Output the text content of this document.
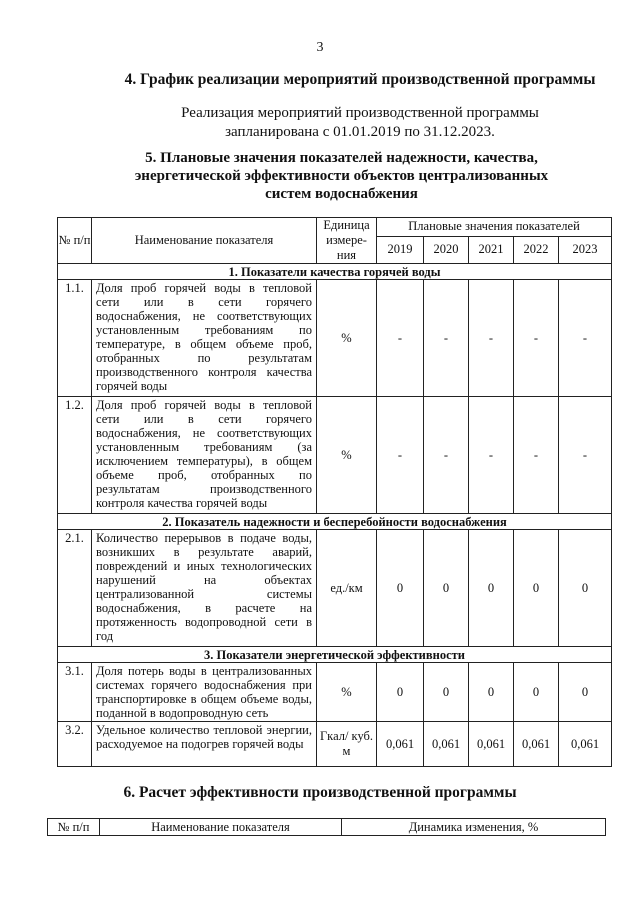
3
4. График реализации мероприятий производственной программы
Реализация мероприятий производственной программы
запланирована с 01.01.2019 по 31.12.2023.
5. Плановые значения показателей надежности, качества,
энергетической эффективности объектов централизованных
систем водоснабжения
№ п/п	Наименование показателя	Единица измере-ния	Плановые значения показателей				
			2019	2020	2021	2022	2023
1. Показатели качества горячей воды							
1.1.	Доля проб горячей воды в тепловой сети или в сети горячего водоснабжения, не соответствующих установленным требованиям по температуре, в общем объеме проб, отобранных по результатам производственного контроля качества горячей воды	%	-	-	-	-	-
1.2.	Доля проб горячей воды в тепловой сети или в сети горячего водоснабжения, не соответствующих установленным требованиям (за исключением температуры), в общем объеме проб, отобранных по результатам производственного контроля качества горячей воды	%	-	-	-	-	-
2. Показатель надежности и бесперебойности водоснабжения							
2.1.	Количество перерывов в подаче воды, возникших в результате аварий, повреждений и иных технологических нарушений на объектах централизованной системы водоснабжения, в расчете на протяженность водопроводной сети в год	ед./км	0	0	0	0	0
3. Показатели энергетической эффективности							
3.1.	Доля потерь воды в централизованных системах горячего водоснабжения при транспортировке в общем объеме воды, поданной в водопроводную сеть	%	0	0	0	0	0
3.2.	Удельное количество тепловой энергии, расходуемое на подогрев горячей воды	Гкал/ куб. м	0,061	0,061	0,061	0,061	0,061
6. Расчет эффективности производственной программы
№ п/п	Наименование показателя	Динамика изменения, %
